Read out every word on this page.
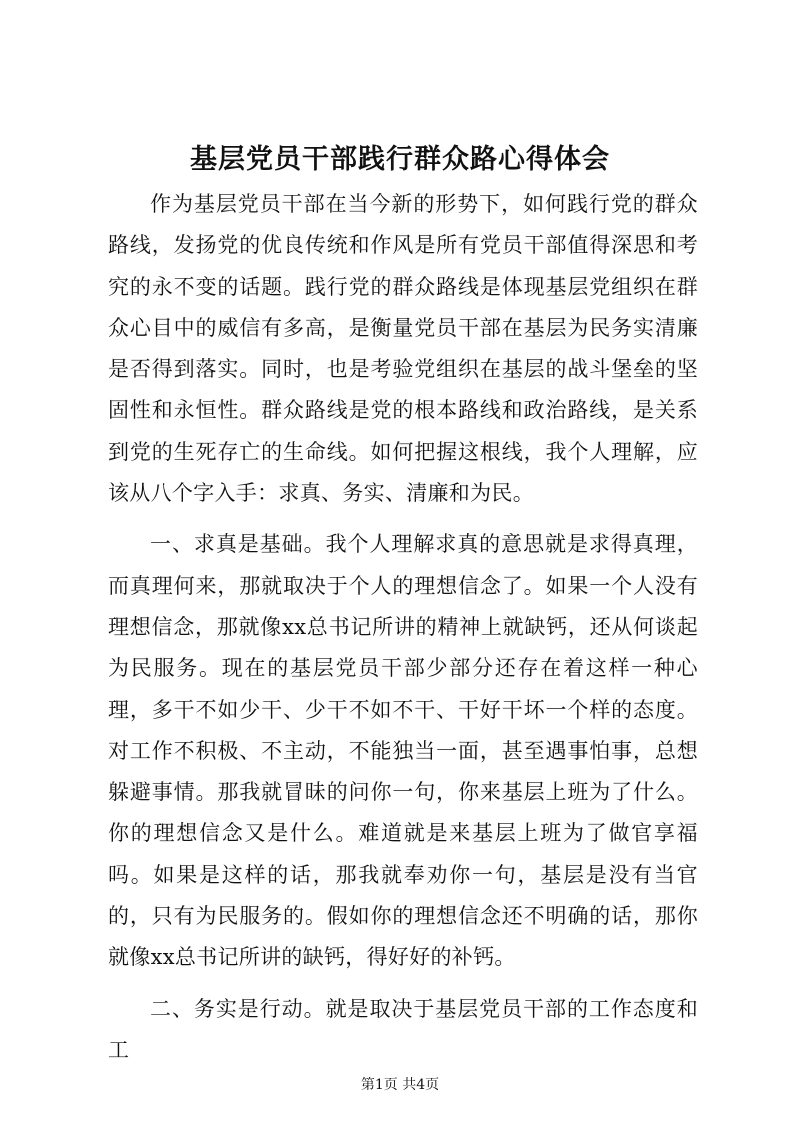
基层党员干部践行群众路心得体会

作为基层党员干部在当今新的形势下，如何践行党的群众路线，发扬党的优良传统和作风是所有党员干部值得深思和考究的永不变的话题。践行党的群众路线是体现基层党组织在群众心目中的威信有多高，是衡量党员干部在基层为民务实清廉是否得到落实。同时，也是考验党组织在基层的战斗堡垒的坚固性和永恒性。群众路线是党的根本路线和政治路线，是关系到党的生死存亡的生命线。如何把握这根线，我个人理解，应该从八个字入手：求真、务实、清廉和为民。

一、求真是基础。我个人理解求真的意思就是求得真理，而真理何来，那就取决于个人的理想信念了。如果一个人没有理想信念，那就像xx总书记所讲的精神上就缺钙，还从何谈起为民服务。现在的基层党员干部少部分还存在着这样一种心理，多干不如少干、少干不如不干、干好干坏一个样的态度。对工作不积极、不主动，不能独当一面，甚至遇事怕事，总想躲避事情。那我就冒昧的问你一句，你来基层上班为了什么。你的理想信念又是什么。难道就是来基层上班为了做官享福吗。如果是这样的话，那我就奉劝你一句，基层是没有当官的，只有为民服务的。假如你的理想信念还不明确的话，那你就像xx总书记所讲的缺钙，得好好的补钙。

二、务实是行动。就是取决于基层党员干部的工作态度和工

第1页 共4页
